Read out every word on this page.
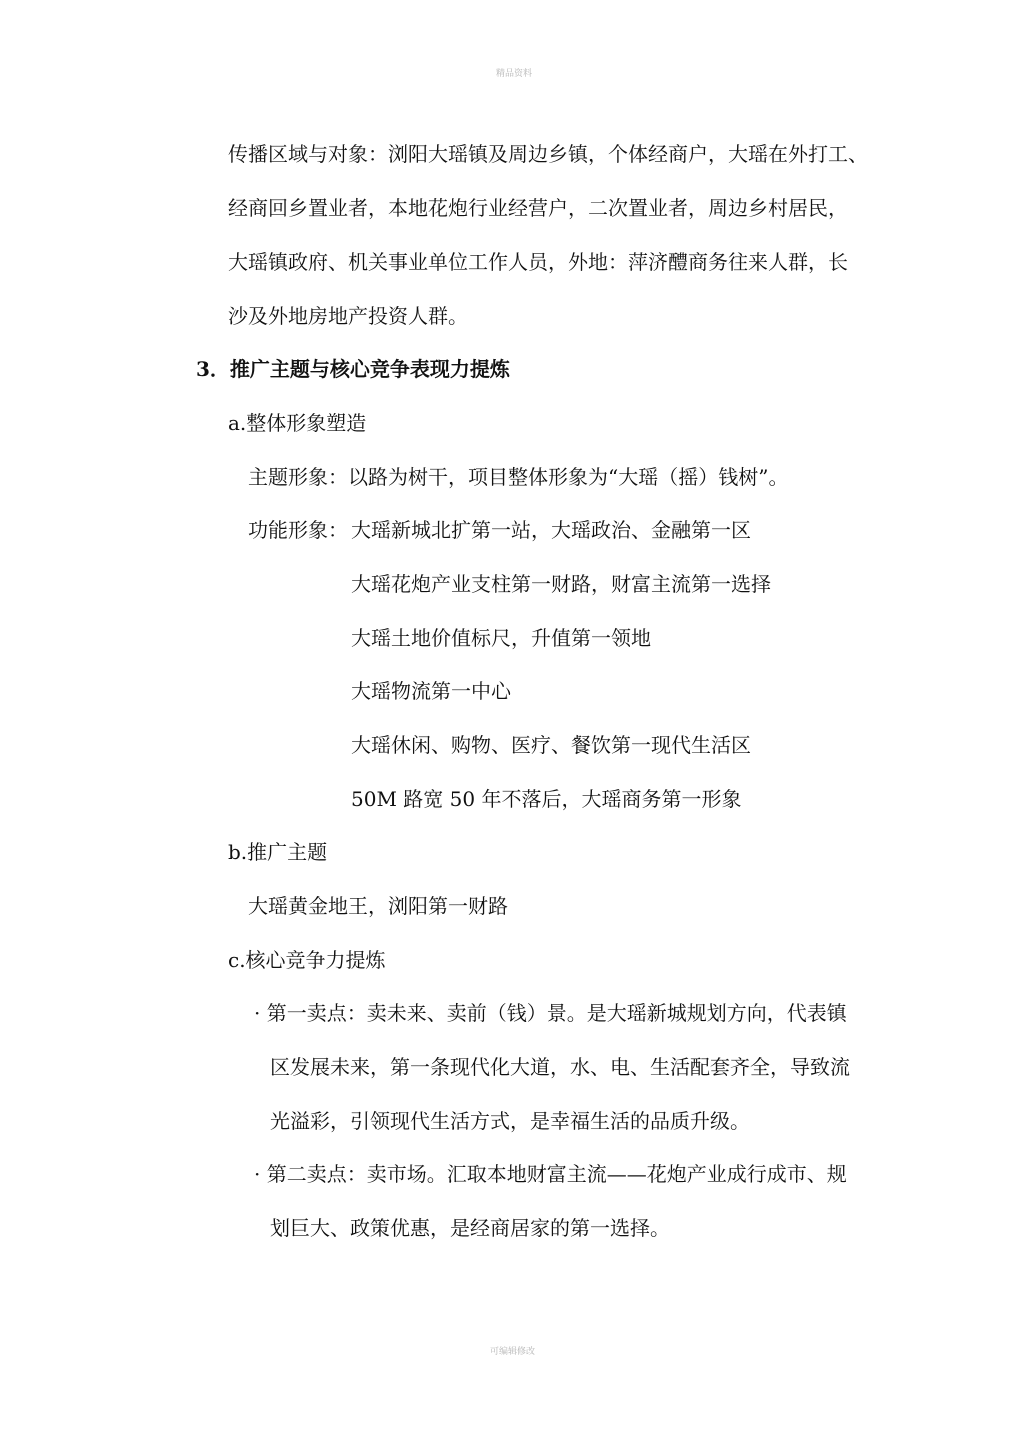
精品资料
传播区域与对象：浏阳大瑶镇及周边乡镇，个体经商户，大瑶在外打工、
经商回乡置业者，本地花炮行业经营户，二次置业者，周边乡村居民，
大瑶镇政府、机关事业单位工作人员，外地：萍济醴商务往来人群，长
沙及外地房地产投资人群。
3．推广主题与核心竞争表现力提炼
a.整体形象塑造
主题形象：以路为树干，项目整体形象为“大瑶（摇）钱树”。
功能形象： 大瑶新城北扩第一站，大瑶政治、金融第一区
大瑶花炮产业支柱第一财路，财富主流第一选择
大瑶土地价值标尺，升值第一领地
大瑶物流第一中心
大瑶休闲、购物、医疗、餐饮第一现代生活区
50M 路宽 50 年不落后，大瑶商务第一形象
b.推广主题
大瑶黄金地王，浏阳第一财路
c.核心竞争力提炼
· 第一卖点：卖未来、卖前（钱）景。是大瑶新城规划方向，代表镇
区发展未来，第一条现代化大道，水、电、生活配套齐全，导致流
光溢彩，引领现代生活方式，是幸福生活的品质升级。
· 第二卖点：卖市场。汇取本地财富主流——花炮产业成行成市、规
划巨大、政策优惠，是经商居家的第一选择。
可编辑修改
